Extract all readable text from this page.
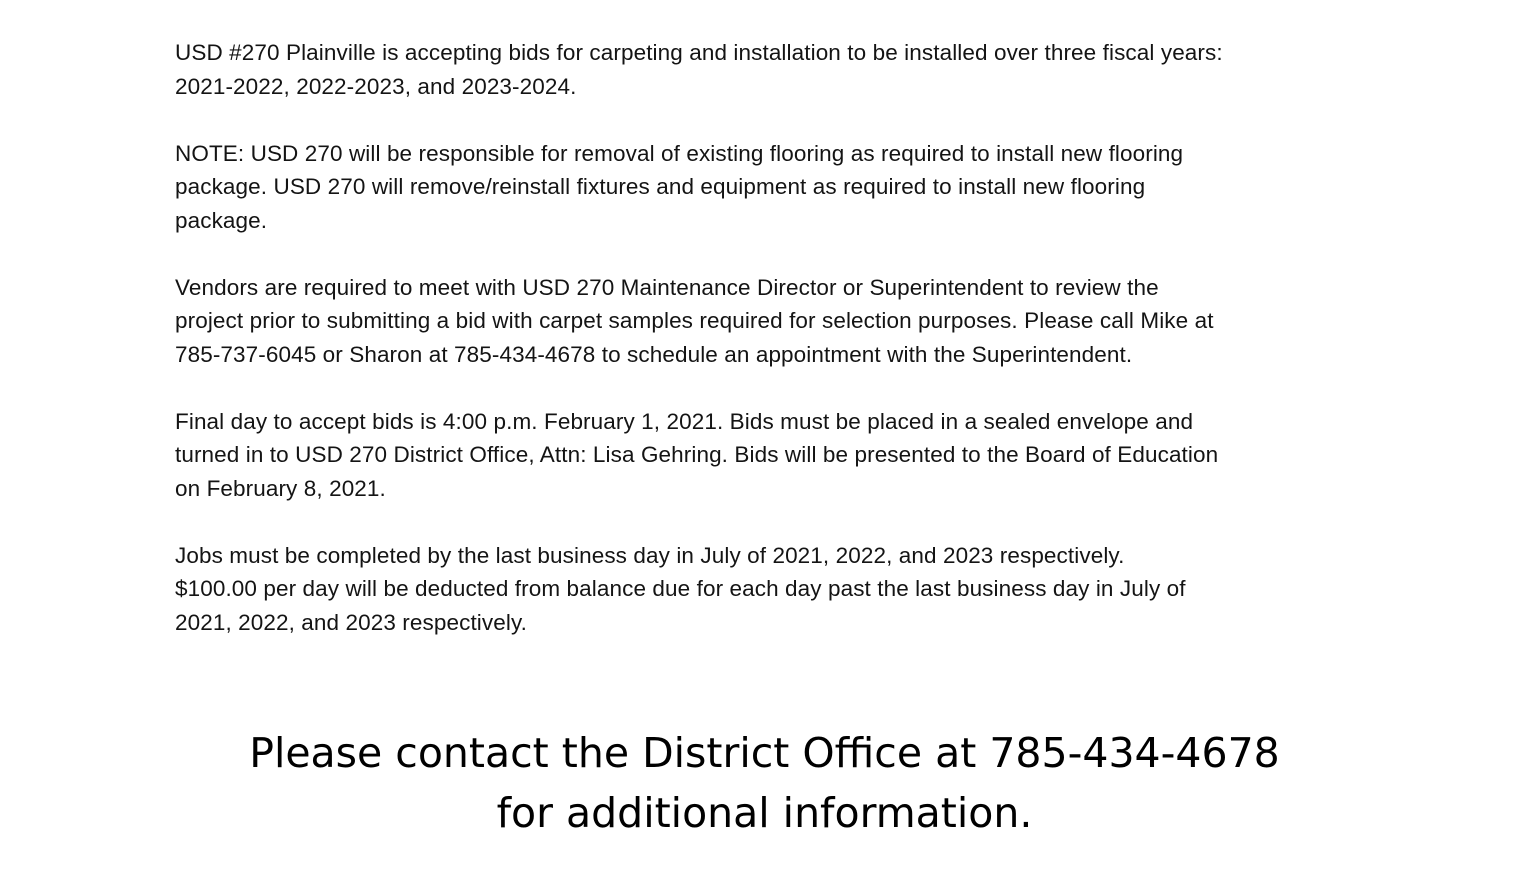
USD #270 Plainville is accepting bids for carpeting and installation to be installed over three fiscal years:
2021-2022, 2022-2023, and 2023-2024.

NOTE: USD 270 will be responsible for removal of existing flooring as required to install new flooring
package. USD 270 will remove/reinstall fixtures and equipment as required to install new flooring
package.

Vendors are required to meet with USD 270 Maintenance Director or Superintendent to review the
project prior to submitting a bid with carpet samples required for selection purposes. Please call Mike at
785-737-6045 or Sharon at 785-434-4678 to schedule an appointment with the Superintendent.

Final day to accept bids is 4:00 p.m. February 1, 2021. Bids must be placed in a sealed envelope and
turned in to USD 270 District Office, Attn: Lisa Gehring. Bids will be presented to the Board of Education
on February 8, 2021.

Jobs must be completed by the last business day in July of 2021, 2022, and 2023 respectively.
$100.00 per day will be deducted from balance due for each day past the last business day in July of
2021, 2022, and 2023 respectively.

Please contact the District Office at 785-434-4678
for additional information.
